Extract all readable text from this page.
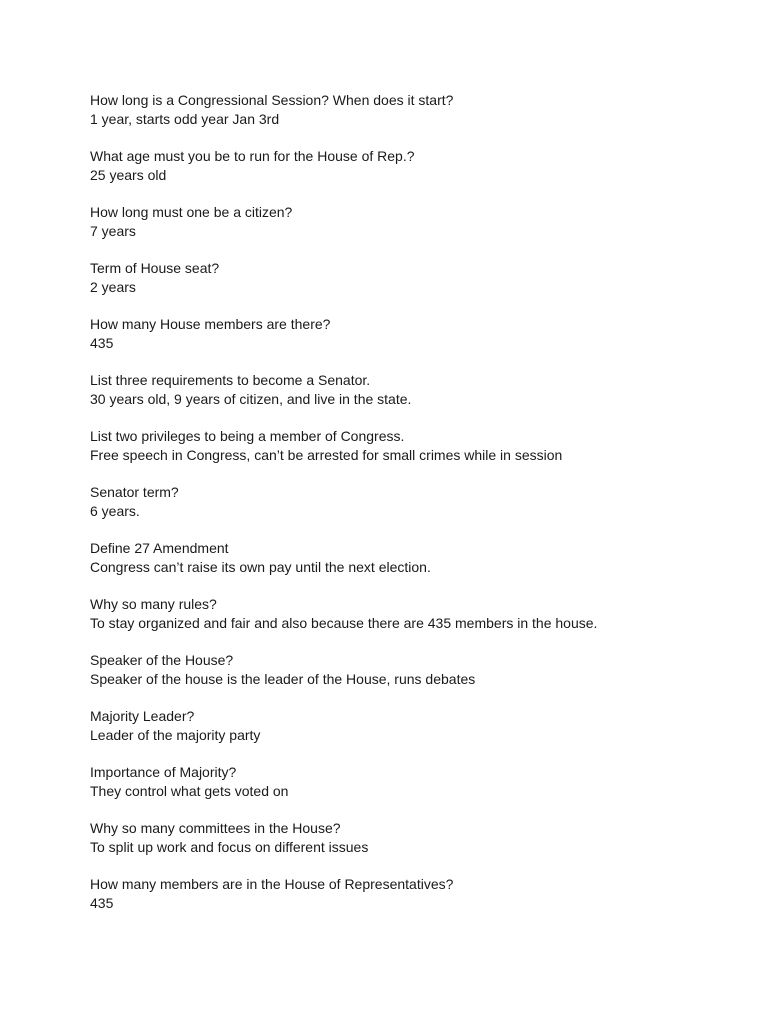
How long is a Congressional Session? When does it start?
1 year, starts odd year Jan 3rd
What age must you be to run for the House of Rep.?
25 years old
How long must one be a citizen?
7 years
Term of House seat?
2 years
How many House members are there?
435
List three requirements to become a Senator.
30 years old, 9 years of citizen, and live in the state.
List two privileges to being a member of Congress.
Free speech in Congress, can’t be arrested for small crimes while in session
Senator term?
6 years.
Define 27 Amendment
Congress can’t raise its own pay until the next election.
Why so many rules?
To stay organized and fair and also because there are 435 members in the house.
Speaker of the House?
Speaker of the house is the leader of the House, runs debates
Majority Leader?
Leader of the majority party
Importance of Majority?
They control what gets voted on
Why so many committees in the House?
To split up work and focus on different issues
How many members are in the House of Representatives?
435
